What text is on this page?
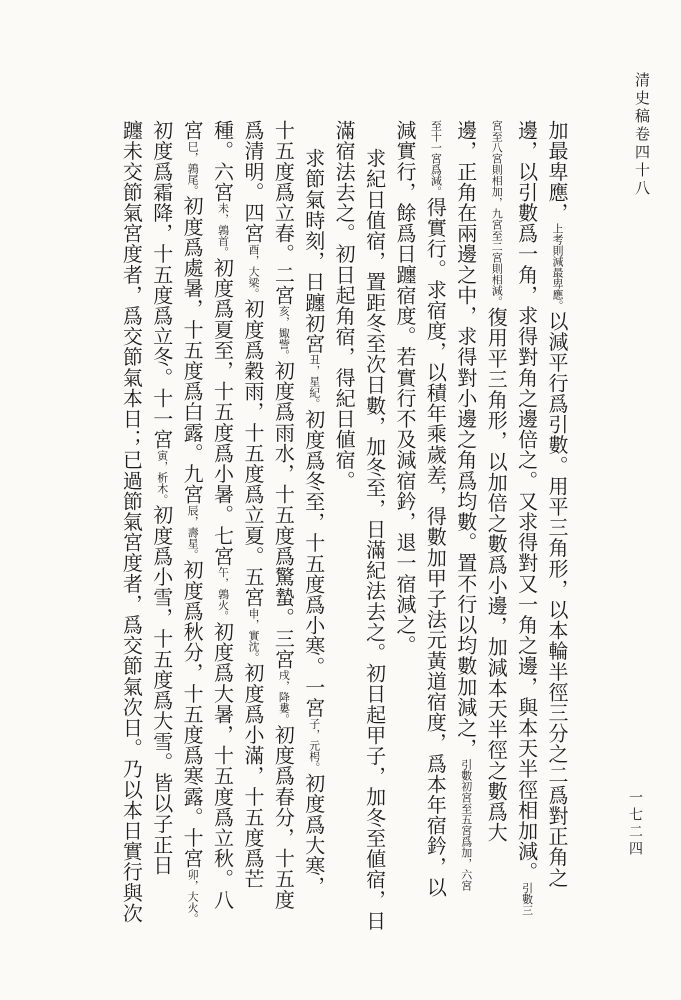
清史稿卷四十八
一七二四
加最卑應，上考則減最卑應。以減平行爲引數。用平三角形，以本輪半徑三分之二爲對正角之
邊，以引數爲一角，求得對角之邊倍之。又求得對又一角之邊，與本天半徑相加減。引數三
宮至八宮則相加，九宮至二宮則相減。復用平三角形，以加倍之數爲小邊，加減本天半徑之數爲大
邊，正角在兩邊之中，求得對小邊之角爲均數。置不行以均數加減之，引數初宮至五宮爲加，六宮
至十一宮爲減。得實行。求宿度，以積年乘歲差，得數加甲子法元黃道宿度，爲本年宿鈐，以
減實行，餘爲日躔宿度。若實行不及減宿鈐，退一宿減之。
求紀日值宿，置距冬至次日數，加冬至，日滿紀法去之。初日起甲子，加冬至値宿，日
滿宿法去之。初日起角宿，得紀日値宿。
求節氣時刻，日躔初宮丑，星紀。初度爲冬至，十五度爲小寒。一宮子，元枵。初度爲大寒，
十五度爲立春。二宮亥，娵訾。初度爲雨水，十五度爲驚蟄。三宮戌，降婁。初度爲春分，十五度
爲清明。四宮酉，大梁。初度爲穀雨，十五度爲立夏。五宮申，實沈。初度爲小滿，十五度爲芒
種。六宮未，鶉首。初度爲夏至，十五度爲小暑。七宮午，鶉火。初度爲大暑，十五度爲立秋。八
宮巳，鶉尾。初度爲處暑，十五度爲白露。九宮辰，壽星。初度爲秋分，十五度爲寒露。十宮卯，大火。
初度爲霜降，十五度爲立冬。十一宮寅，析木。初度爲小雪，十五度爲大雪。皆以子正日
躔未交節氣宮度者，爲交節氣本日；已過節氣宮度者，爲交節氣次日。乃以本日實行與次
